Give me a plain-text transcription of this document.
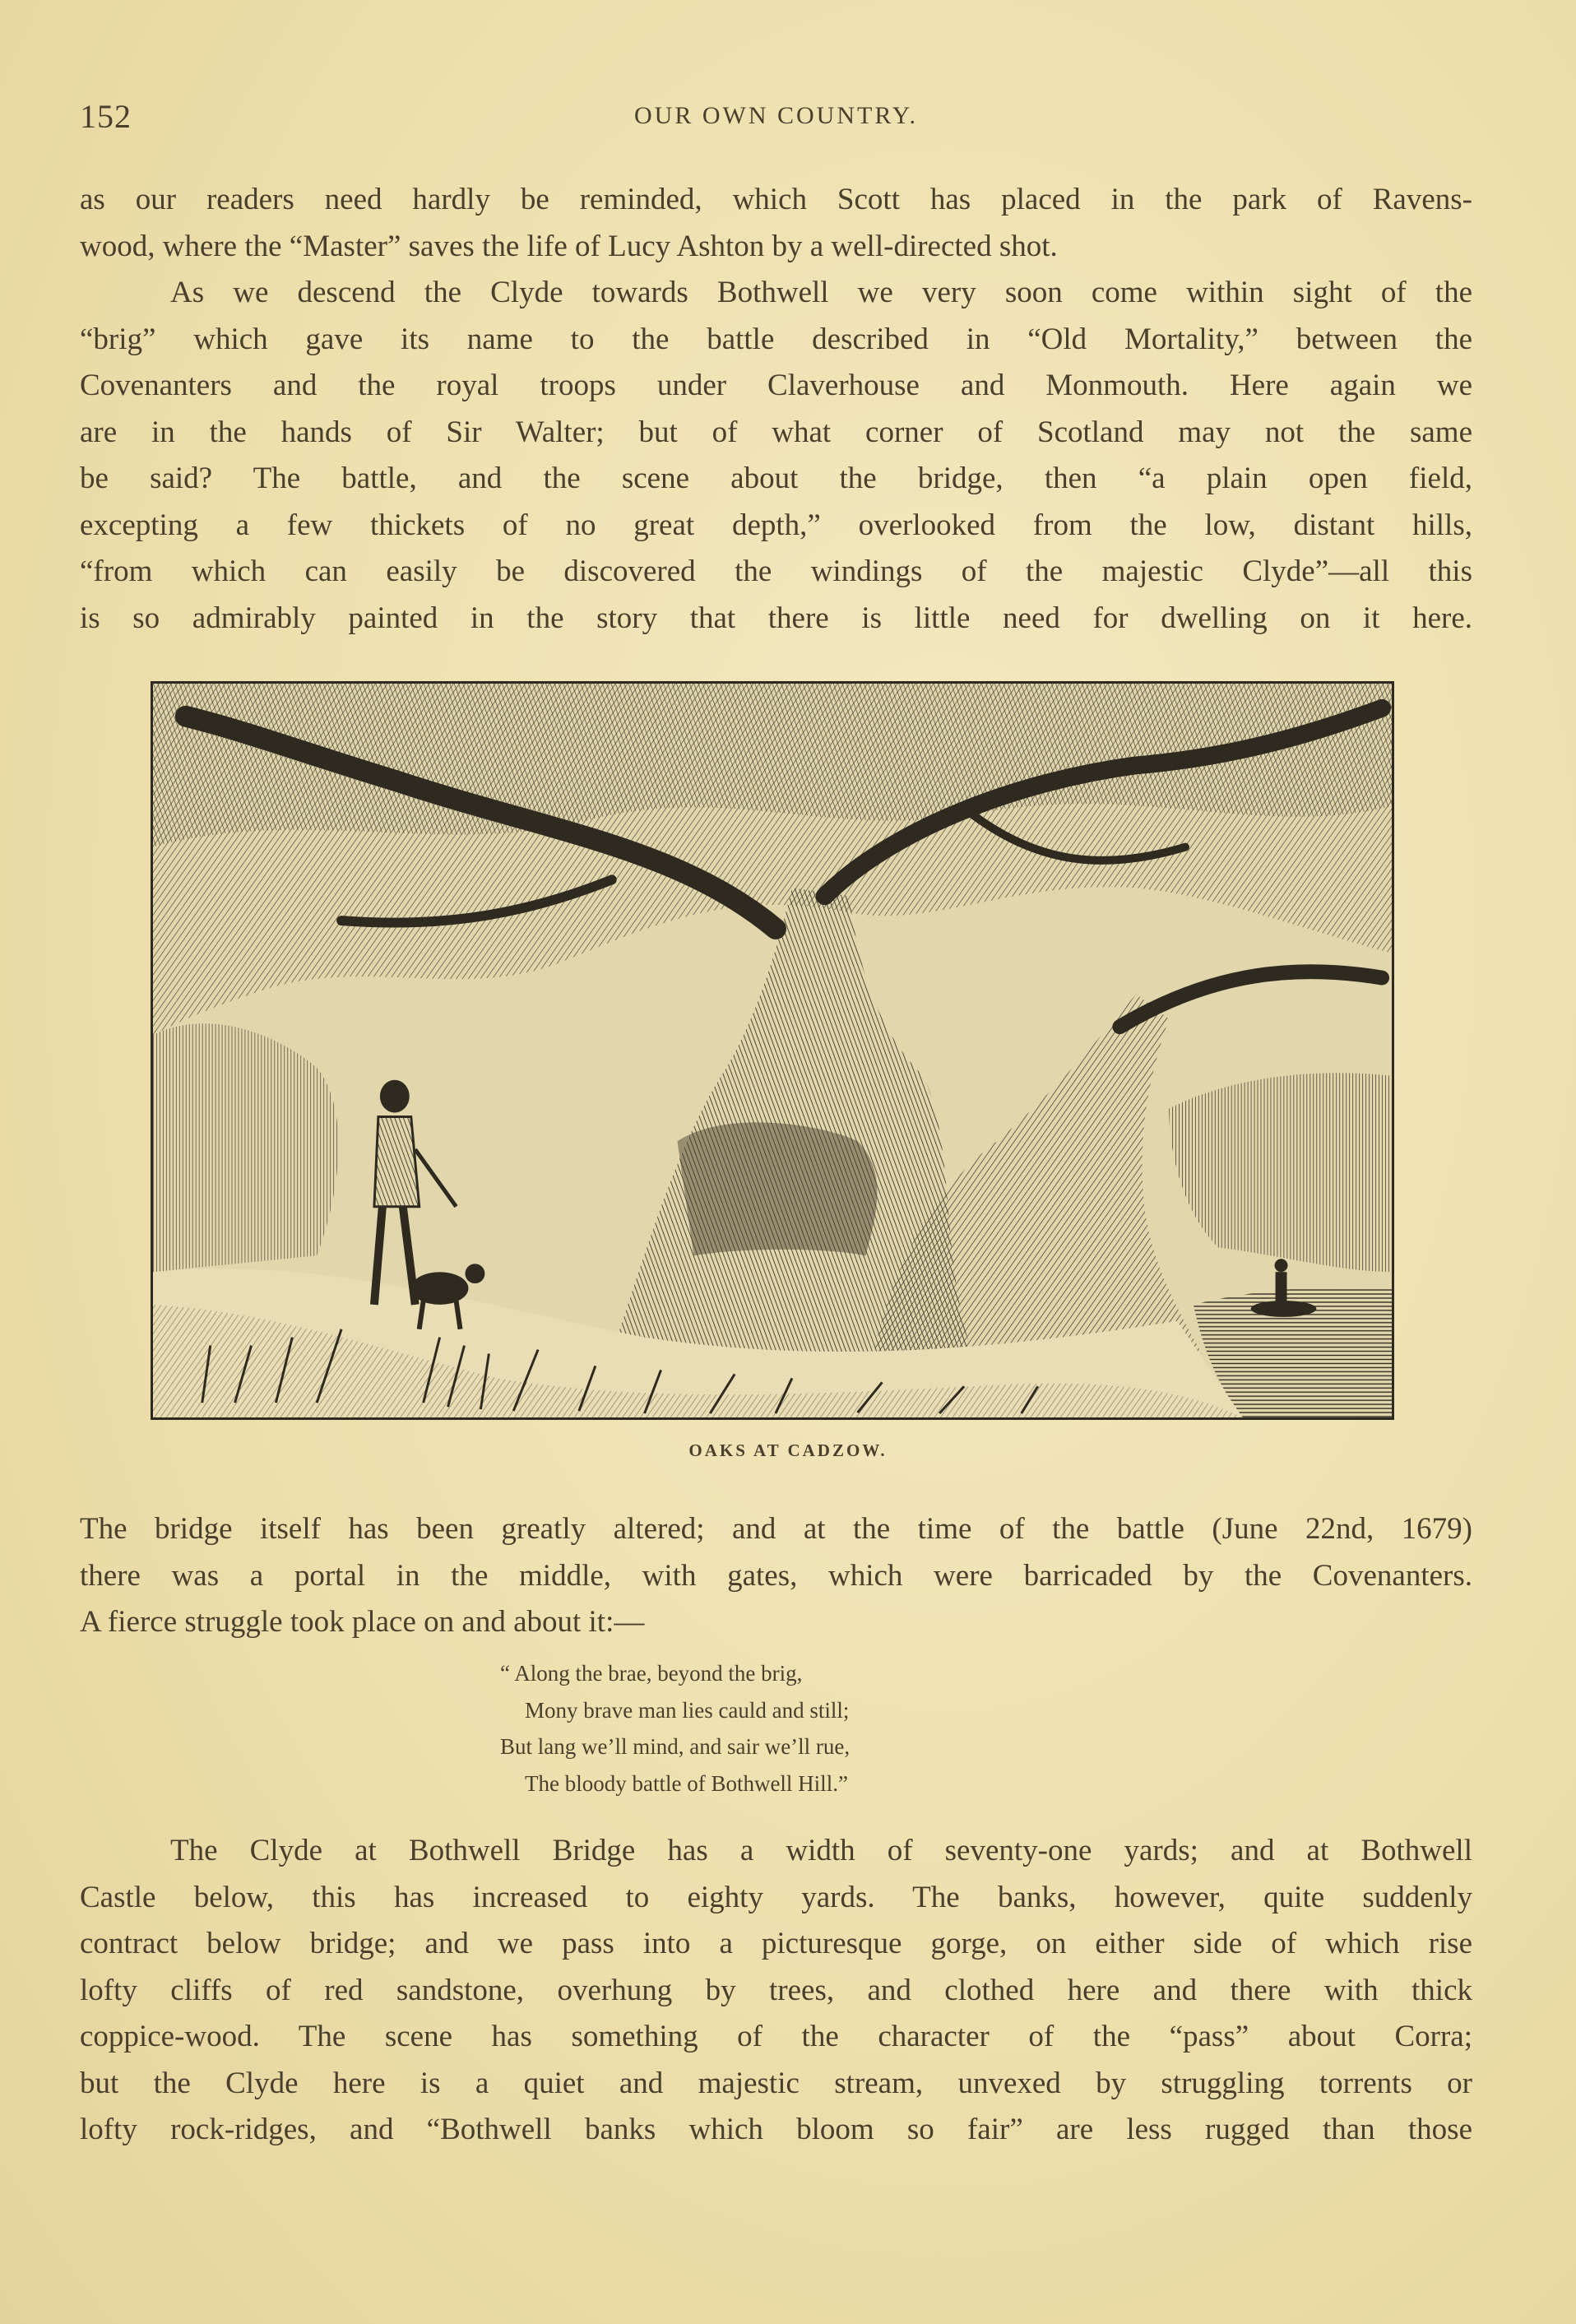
152	OUR OWN COUNTRY.
as our readers need hardly be reminded, which Scott has placed in the park of Ravens-
wood, where the “Master” saves the life of Lucy Ashton by a well-directed shot.
As we descend the Clyde towards Bothwell we very soon come within sight of the
“brig” which gave its name to the battle described in “Old Mortality,” between the
Covenanters and the royal troops under Claverhouse and Monmouth. Here again we
are in the hands of Sir Walter; but of what corner of Scotland may not the same
be said? The battle, and the scene about the bridge, then “a plain open field,
excepting a few thickets of no great depth,” overlooked from the low, distant hills,
“from which can easily be discovered the windings of the majestic Clyde”—all this
is so admirably painted in the story that there is little need for dwelling on it here.
OAKS AT CADZOW.
The bridge itself has been greatly altered; and at the time of the battle (June 22nd, 1679)
there was a portal in the middle, with gates, which were barricaded by the Covenanters.
A fierce struggle took place on and about it:—
“ Along the brae, beyond the brig,
Mony brave man lies cauld and still;
But lang we’ll mind, and sair we’ll rue,
The bloody battle of Bothwell Hill.”
The Clyde at Bothwell Bridge has a width of seventy-one yards; and at Bothwell
Castle below, this has increased to eighty yards. The banks, however, quite suddenly
contract below bridge; and we pass into a picturesque gorge, on either side of which rise
lofty cliffs of red sandstone, overhung by trees, and clothed here and there with thick
coppice-wood. The scene has something of the character of the “pass” about Corra;
but the Clyde here is a quiet and majestic stream, unvexed by struggling torrents or
lofty rock-ridges, and “Bothwell banks which bloom so fair” are less rugged than those
